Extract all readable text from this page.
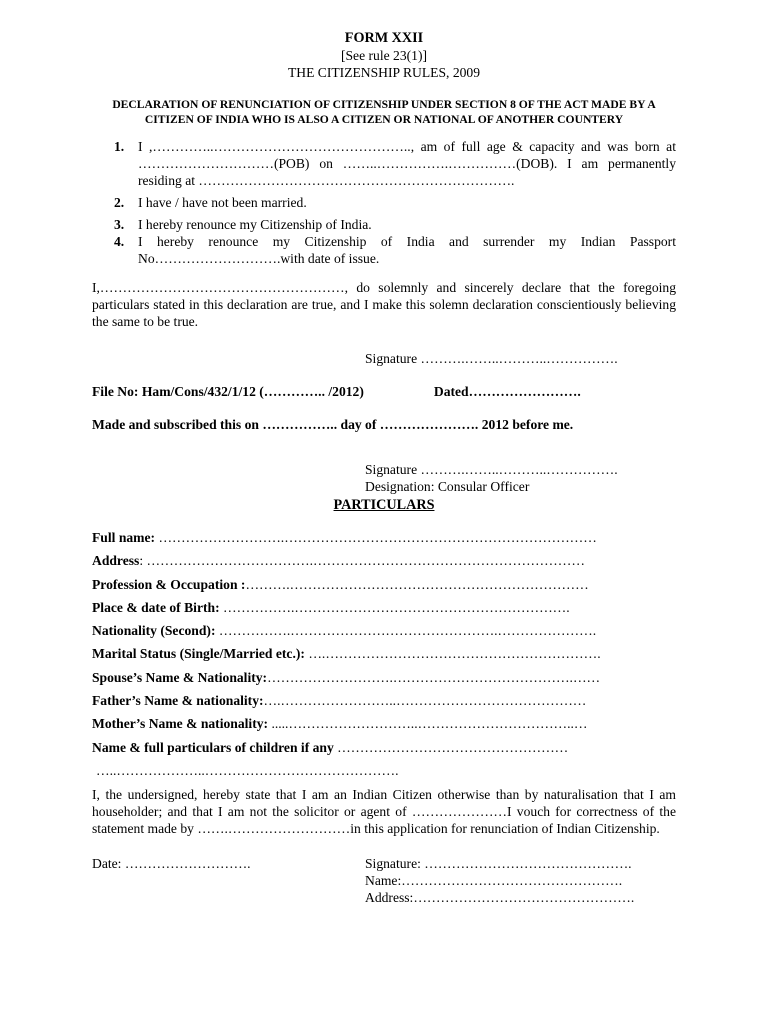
FORM XXII
[See rule 23(1)]
THE CITIZENSHIP RULES, 2009
DECLARATION OF RENUNCIATION OF CITIZENSHIP UNDER SECTION 8 OF THE ACT MADE BY A CITIZEN OF INDIA WHO IS ALSO A CITIZEN OR NATIONAL OF ANOTHER COUNTERY
1. I ,…………..…………………………………….., am of full age & capacity and was born at …………………………(POB) on ……..…………….……………(DOB). I am permanently residing at …………………………………………………………….
2. I have / have not been married.
3. I hereby renounce my Citizenship of India.
4. I hereby renounce my Citizenship of India and surrender my Indian Passport No……………………….with date of issue.
I,………………………………………………, do solemnly and sincerely declare that the foregoing particulars stated in this declaration are true, and I make this solemn declaration conscientiously believing the same to be true.
Signature ……….……..………..…………….
File No: Ham/Cons/432/1/12 (………….. /2012)	Dated…………………….
Made and subscribed this on …………….. day of …………………. 2012 before me.
Signature ……….……..………..…………….
Designation: Consular Officer
PARTICULARS
Full name: ……………………….……………………………………………………………
Address: ……………………………….……………………………………………………
Profession & Occupation :……….…………………………………………………………
Place & date of Birth: …………….…………………………………………………….
Nationality (Second): …………….……………………………………….………………….
Marital Status (Single/Married etc.): ….…………………………………………………….
Spouse’s Name & Nationality:……………………….………………………………….……
Father’s Name & nationality:….……………………..……………………………………
Mother’s Name & nationality: .....………………………..……………………………..…
Name & full particulars of children if any ……………………………………………
…..………………..…………………………………….
I, the undersigned, hereby state that I am an Indian Citizen otherwise than by naturalisation that I am householder; and that I am not the solicitor or agent of …………………I vouch for correctness of the statement made by …….………………………in this application for renunciation of Indian Citizenship.
Date: ……………………….	Signature: ……………………………………….
Name:………………………………………….
Address:………………………………………….
